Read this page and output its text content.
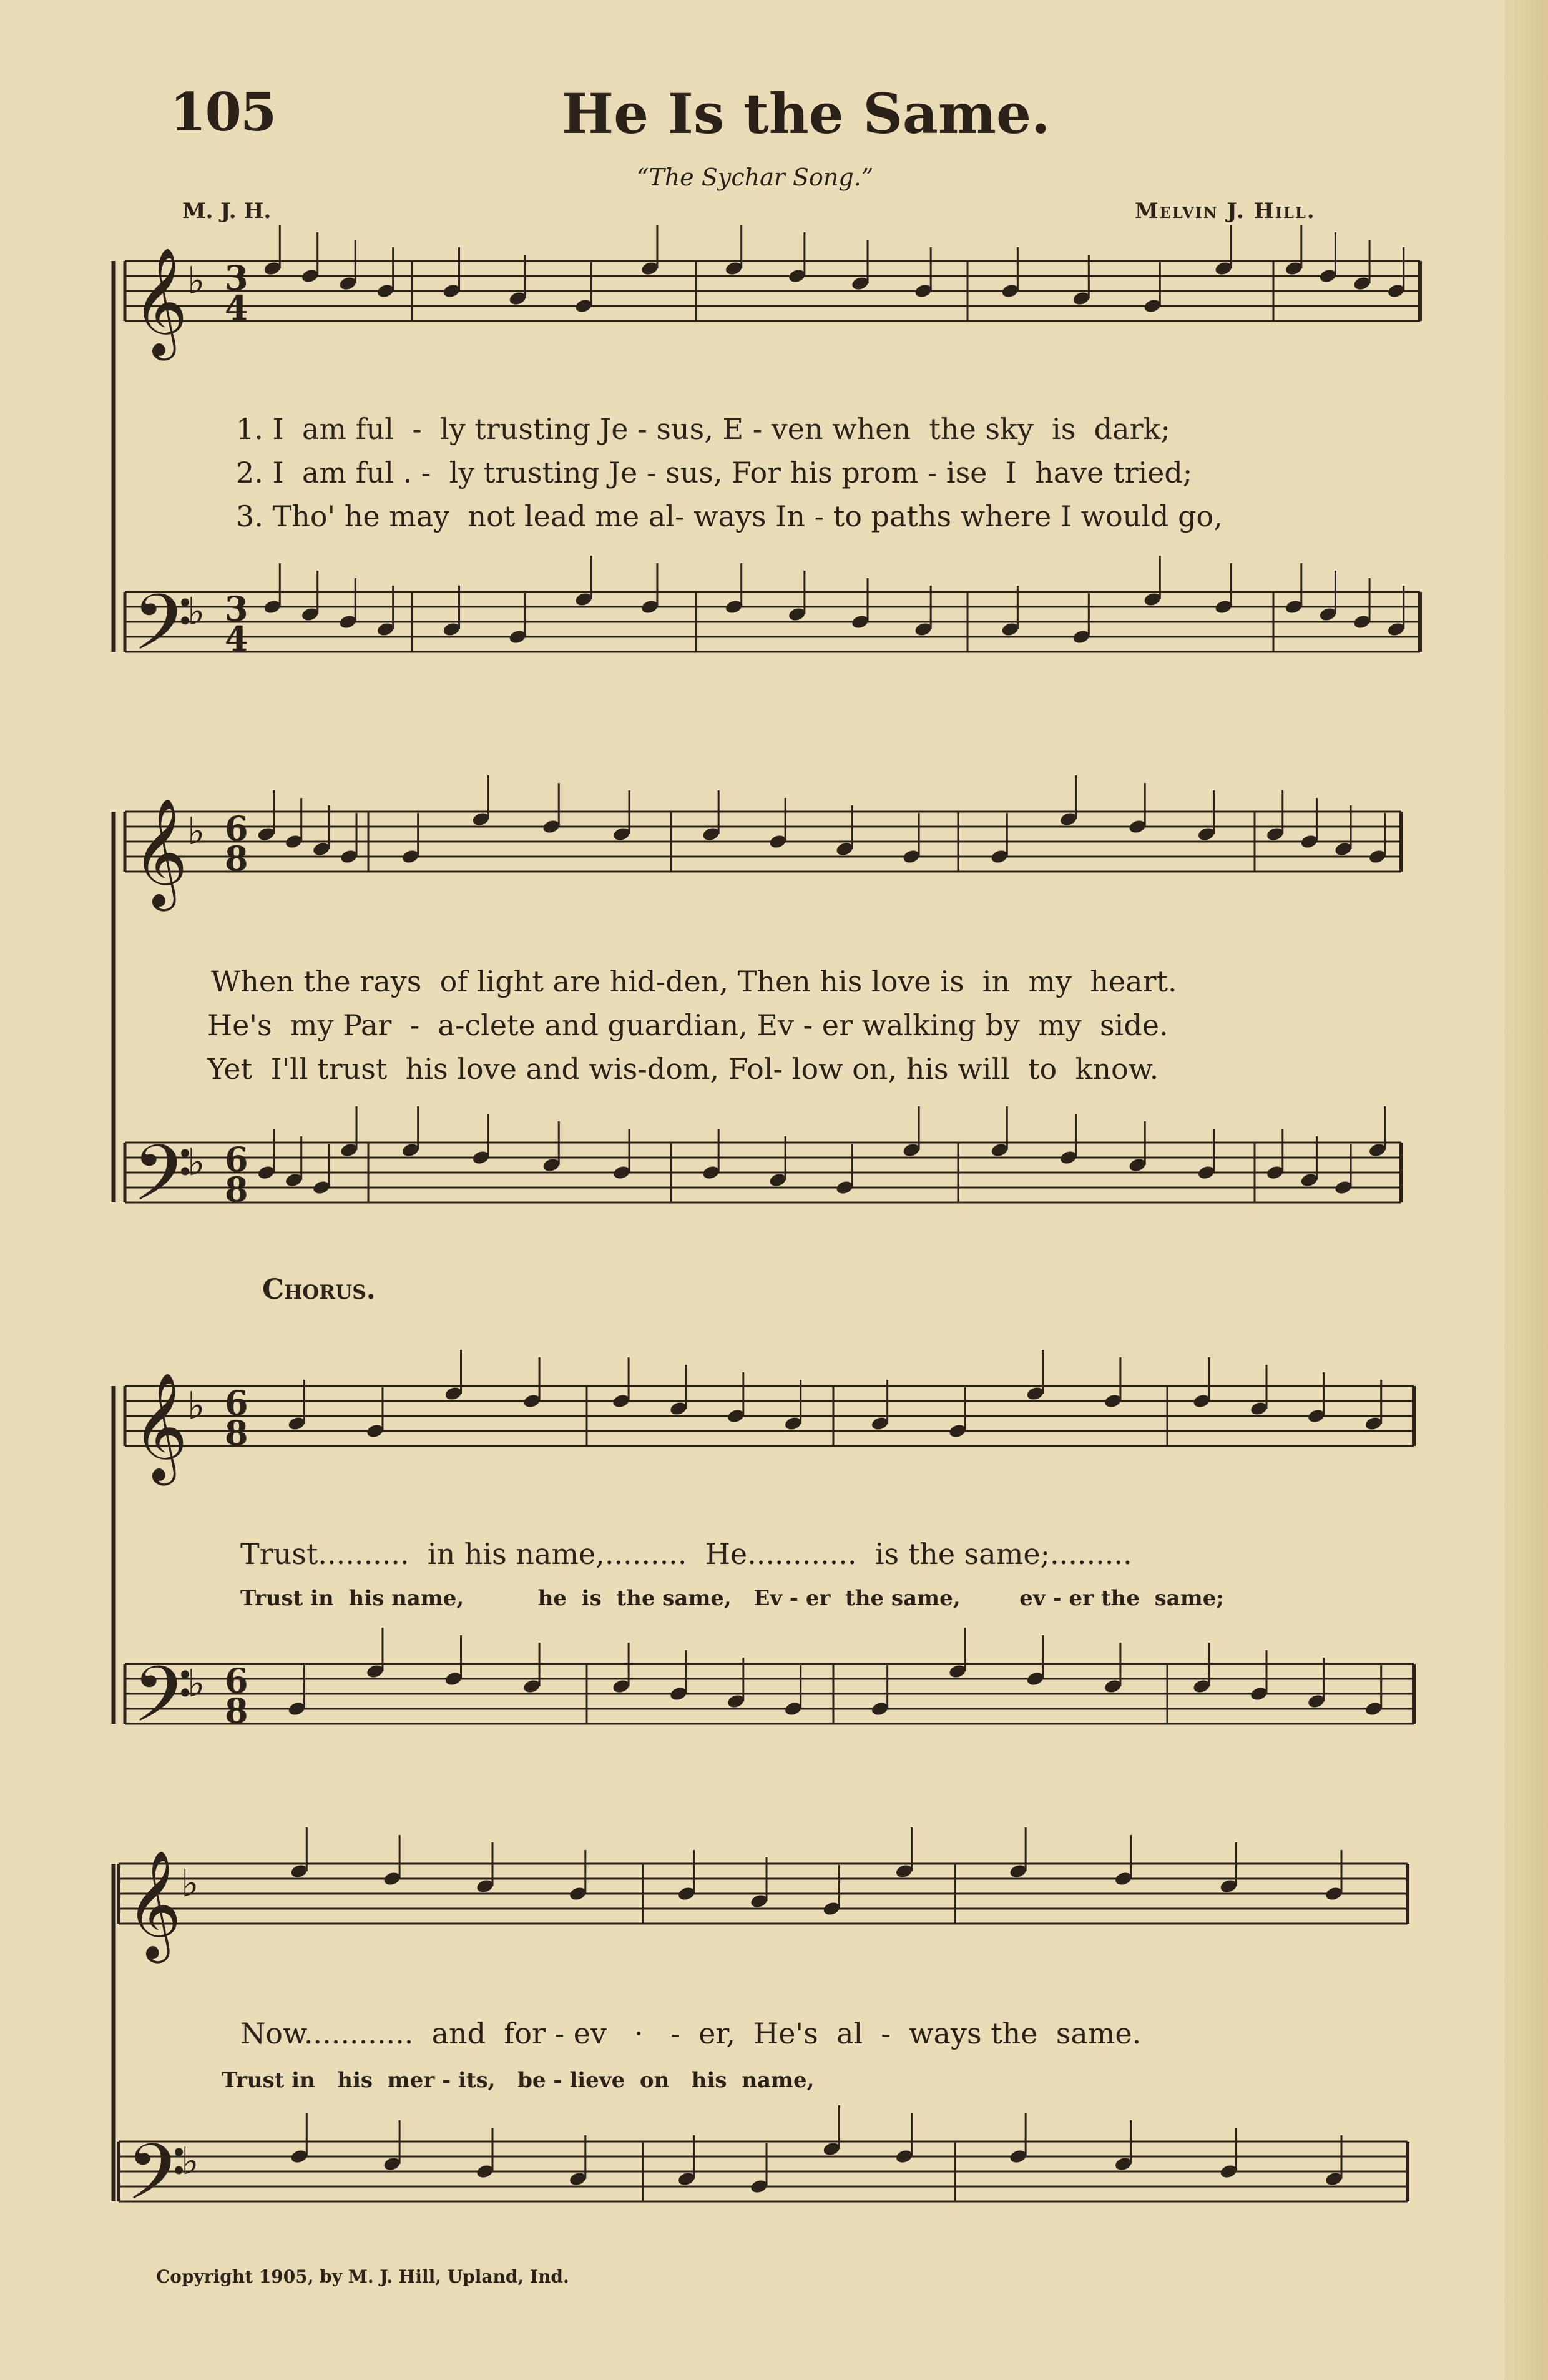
105	He Is the Same.
“The Sychar Song.”
M. J. H.	Melvin J. Hill.
𝄞 ♭
𝄢
♭
𝄞 ♭
𝄢
♭
𝄞 ♭
𝄢
♭
𝄞 ♭
𝄢
♭
3
4
3
4
6
8
6
8
6
8
6
8
1. I  am ful  -  ly trusting Je - sus, E - ven when  the sky  is  dark;
2. I  am ful . -  ly trusting Je - sus, For his prom - ise  I  have tried;
3. Tho' he may  not lead me al- ways In - to paths where I would go,
When the rays  of light are hid-den, Then his love is  in  my  heart.
He's  my Par  -  a-clete and guardian, Ev - er walking by  my  side.
Yet  I'll trust  his love and wis-dom, Fol- low on, his will  to  know.
Chorus.
Trust..........  in his name,.........  He............  is the same;.........
Trust in  his name,          he  is  the same,   Ev - er  the same,        ev - er the  same;
Now............  and  for - ev   ·   -  er,  He's  al  -  ways the  same.
Trust in   his  mer - its,   be - lieve  on   his  name,
Copyright 1905, by M. J. Hill, Upland, Ind.
